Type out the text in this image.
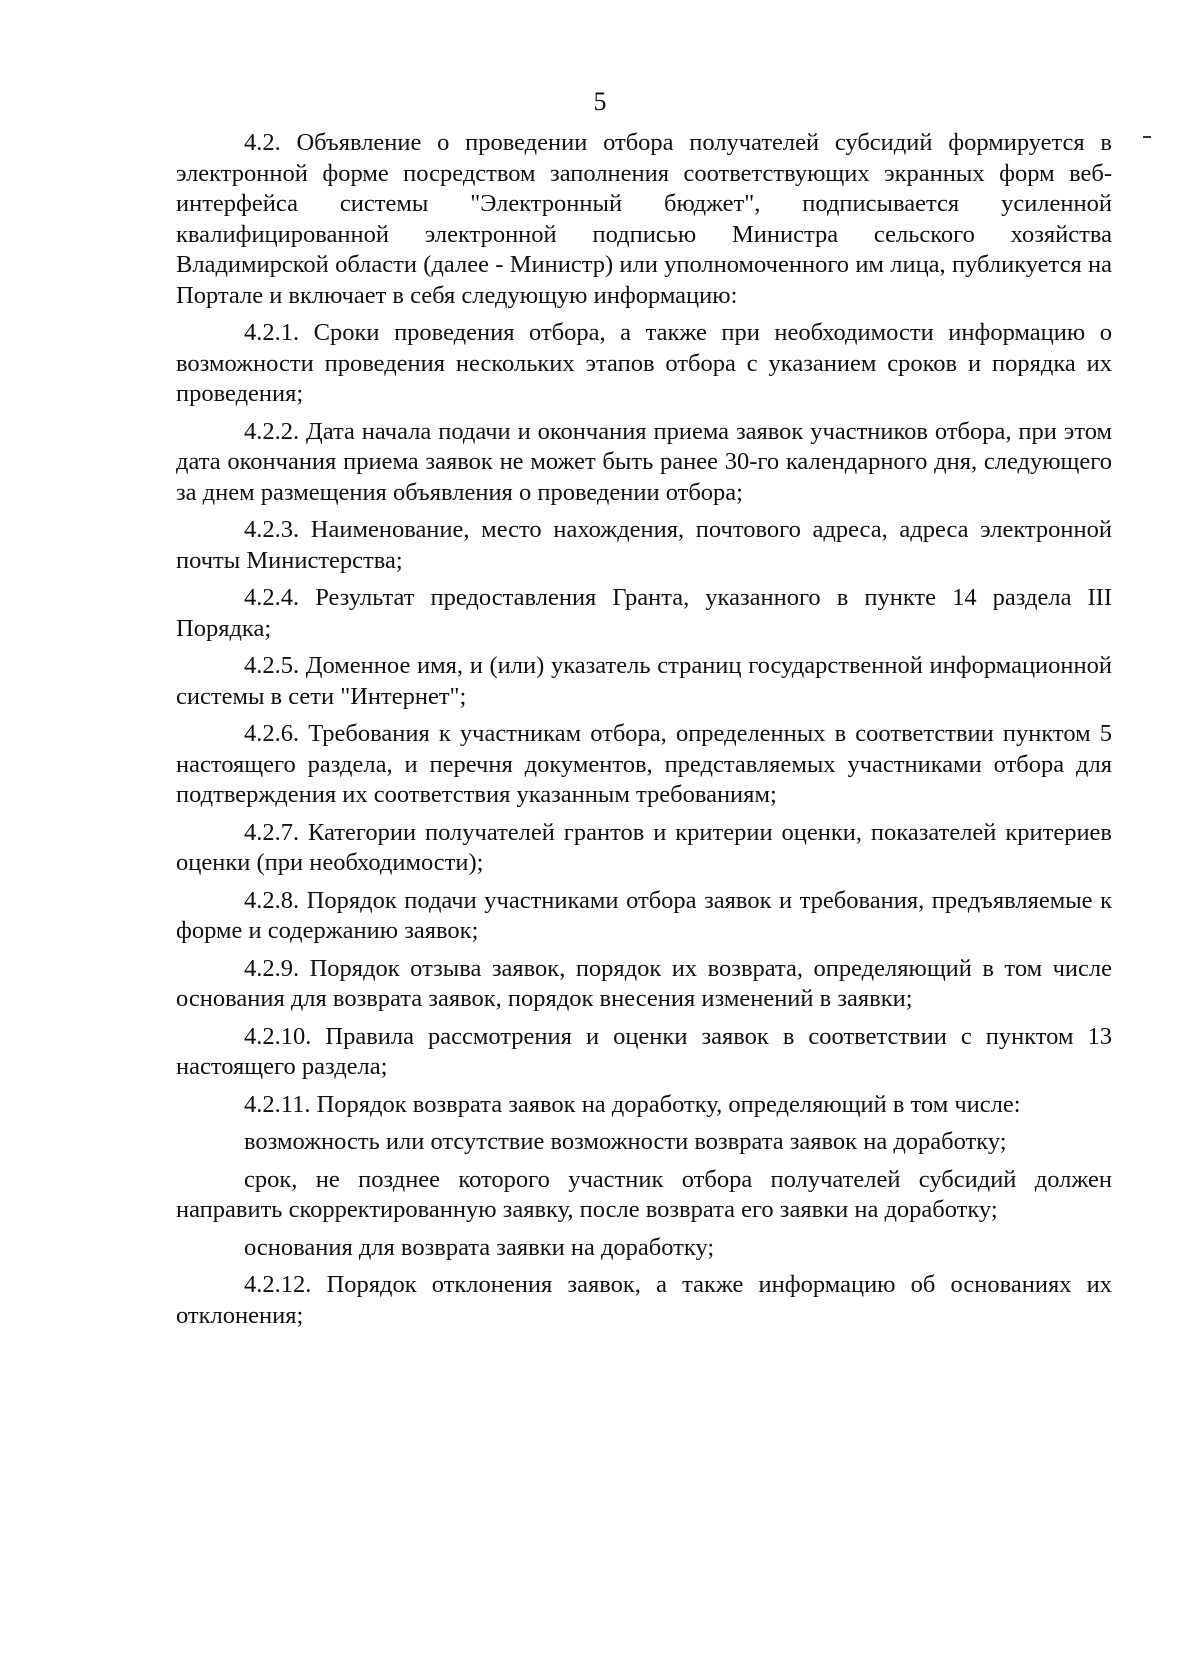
5

4.2. Объявление о проведении отбора получателей субсидий формируется в электронной форме посредством заполнения соответствующих экранных форм веб-интерфейса системы "Электронный бюджет", подписывается усиленной квалифицированной электронной подписью Министра сельского хозяйства Владимирской области (далее - Министр) или уполномоченного им лица, публикуется на Портале и включает в себя следующую информацию:

4.2.1. Сроки проведения отбора, а также при необходимости информацию о возможности проведения нескольких этапов отбора с указанием сроков и порядка их проведения;

4.2.2. Дата начала подачи и окончания приема заявок участников отбора, при этом дата окончания приема заявок не может быть ранее 30-го календарного дня, следующего за днем размещения объявления о проведении отбора;

4.2.3. Наименование, место нахождения, почтового адреса, адреса электронной почты Министерства;

4.2.4. Результат предоставления Гранта, указанного в пункте 14 раздела III Порядка;

4.2.5. Доменное имя, и (или) указатель страниц государственной информационной системы в сети "Интернет";

4.2.6. Требования к участникам отбора, определенных в соответствии пунктом 5 настоящего раздела, и перечня документов, представляемых участниками отбора для подтверждения их соответствия указанным требованиям;

4.2.7. Категории получателей грантов и критерии оценки, показателей критериев оценки (при необходимости);

4.2.8. Порядок подачи участниками отбора заявок и требования, предъявляемые к форме и содержанию заявок;

4.2.9. Порядок отзыва заявок, порядок их возврата, определяющий в том числе основания для возврата заявок, порядок внесения изменений в заявки;

4.2.10. Правила рассмотрения и оценки заявок в соответствии с пунктом 13 настоящего раздела;

4.2.11. Порядок возврата заявок на доработку, определяющий в том числе:

возможность или отсутствие возможности возврата заявок на доработку;

срок, не позднее которого участник отбора получателей субсидий должен направить скорректированную заявку, после возврата его заявки на доработку;

основания для возврата заявки на доработку;

4.2.12. Порядок отклонения заявок, а также информацию об основаниях их отклонения;
